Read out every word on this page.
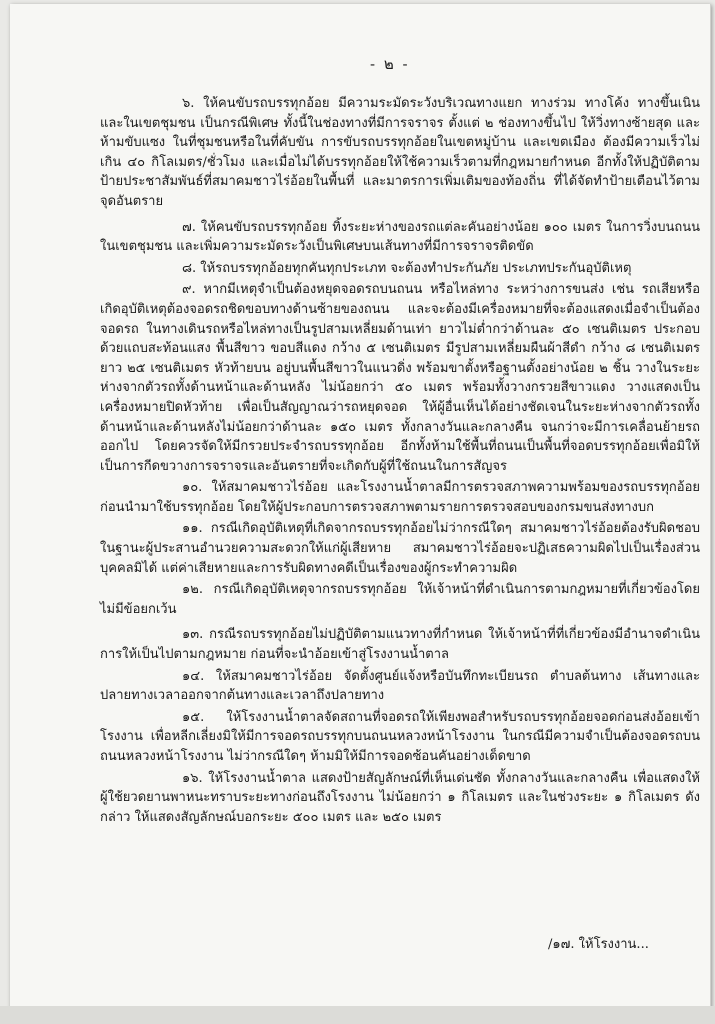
- ๒ -

๖. ให้คนขับรถบรรทุกอ้อย มีความระมัดระวังบริเวณทางแยก ทางร่วม ทางโค้ง ทางขึ้นเนิน และในเขตชุมชน เป็นกรณีพิเศษ ทั้งนี้ในช่องทางที่มีการจราจร ตั้งแต่ ๒ ช่องทางขึ้นไป ให้วิ่งทางซ้ายสุด และห้ามขับแซง ในที่ชุมชนหรือในที่คับขัน การขับรถบรรทุกอ้อยในเขตหมู่บ้าน และเขตเมือง ต้องมีความเร็วไม่เกิน ๔๐ กิโลเมตร/ชั่วโมง และเมื่อไม่ได้บรรทุกอ้อยให้ใช้ความเร็วตามที่กฎหมายกำหนด อีกทั้งให้ปฏิบัติตามป้ายประชาสัมพันธ์ที่สมาคมชาวไร่อ้อยในพื้นที่ และมาตรการเพิ่มเติมของท้องถิ่น ที่ได้จัดทำป้ายเตือนไว้ตามจุดอันตราย

๗. ให้คนขับรถบรรทุกอ้อย ทิ้งระยะห่างของรถแต่ละคันอย่างน้อย ๑๐๐ เมตร ในการวิ่งบนถนนในเขตชุมชน และเพิ่มความระมัดระวังเป็นพิเศษบนเส้นทางที่มีการจราจรติดขัด

๘. ให้รถบรรทุกอ้อยทุกคันทุกประเภท จะต้องทำประกันภัย ประเภทประกันอุบัติเหตุ

๙. หากมีเหตุจำเป็นต้องหยุดจอดรถบนถนน หรือไหล่ทาง ระหว่างการขนส่ง เช่น รถเสียหรือเกิดอุบัติเหตุต้องจอดรถชิดขอบทางด้านซ้ายของถนน และจะต้องมีเครื่องหมายที่จะต้องแสดงเมื่อจำเป็นต้องจอดรถ ในทางเดินรถหรือไหล่ทางเป็นรูปสามเหลี่ยมด้านเท่า ยาวไม่ต่ำกว่าด้านละ ๕๐ เซนติเมตร ประกอบด้วยแถบสะท้อนแสง พื้นสีขาว ขอบสีแดง กว้าง ๕ เซนติเมตร มีรูปสามเหลี่ยมผืนผ้าสีดำ กว้าง ๘ เซนติเมตร ยาว ๒๕ เซนติเมตร หัวท้ายบน อยู่บนพื้นสีขาวในแนวดิ่ง พร้อมขาตั้งหรือฐานตั้งอย่างน้อย ๒ ชิ้น วางในระยะ ห่างจากตัวรถทั้งด้านหน้าและด้านหลัง ไม่น้อยกว่า ๕๐ เมตร พร้อมทั้งวางกรวยสีขาวแดง วางแสดงเป็นเครื่องหมายปิดหัวท้าย เพื่อเป็นสัญญาณว่ารถหยุดจอด ให้ผู้อื่นเห็นได้อย่างชัดเจนในระยะห่างจากตัวรถทั้งด้านหน้าและด้านหลังไม่น้อยกว่าด้านละ ๑๕๐ เมตร ทั้งกลางวันและกลางคืน จนกว่าจะมีการเคลื่อนย้ายรถออกไป โดยควรจัดให้มีกรวยประจำรถบรรทุกอ้อย อีกทั้งห้ามใช้พื้นที่ถนนเป็นพื้นที่จอดบรรทุกอ้อยเพื่อมิให้เป็นการกีดขวางการจราจรและอันตรายที่จะเกิดกับผู้ที่ใช้ถนนในการสัญจร

๑๐. ให้สมาคมชาวไร่อ้อย และโรงงานน้ำตาลมีการตรวจสภาพความพร้อมของรถบรรทุกอ้อยก่อนนำมาใช้บรรทุกอ้อย โดยให้ผู้ประกอบการตรวจสภาพตามรายการตรวจสอบของกรมขนส่งทางบก

๑๑. กรณีเกิดอุบัติเหตุที่เกิดจากรถบรรทุกอ้อยไม่ว่ากรณีใดๆ สมาคมชาวไร่อ้อยต้องรับผิดชอบในฐานะผู้ประสานอำนวยความสะดวกให้แก่ผู้เสียหาย สมาคมชาวไร่อ้อยจะปฏิเสธความผิดไปเป็นเรื่องส่วนบุคคลมิได้ แต่ค่าเสียหายและการรับผิดทางคดีเป็นเรื่องของผู้กระทำความผิด

๑๒. กรณีเกิดอุบัติเหตุจากรถบรรทุกอ้อย ให้เจ้าหน้าที่ดำเนินการตามกฎหมายที่เกี่ยวข้องโดยไม่มีข้อยกเว้น

๑๓. กรณีรถบรรทุกอ้อยไม่ปฏิบัติตามแนวทางที่กำหนด ให้เจ้าหน้าที่ที่เกี่ยวข้องมีอำนาจดำเนินการให้เป็นไปตามกฎหมาย ก่อนที่จะนำอ้อยเข้าสู่โรงงานน้ำตาล

๑๔. ให้สมาคมชาวไร่อ้อย จัดตั้งศูนย์แจ้งหรือบันทึกทะเบียนรถ ตำบลต้นทาง เส้นทางและปลายทางเวลาออกจากต้นทางและเวลาถึงปลายทาง

๑๕. ให้โรงงานน้ำตาลจัดสถานที่จอดรถให้เพียงพอสำหรับรถบรรทุกอ้อยจอดก่อนส่งอ้อยเข้าโรงงาน เพื่อหลีกเลี่ยงมิให้มีการจอดรถบรรทุกบนถนนหลวงหน้าโรงงาน ในกรณีมีความจำเป็นต้องจอดรถบนถนนหลวงหน้าโรงงาน ไม่ว่ากรณีใดๆ ห้ามมิให้มีการจอดซ้อนคันอย่างเด็ดขาด

๑๖. ให้โรงงานน้ำตาล แสดงป้ายสัญลักษณ์ที่เห็นเด่นชัด ทั้งกลางวันและกลางคืน เพื่อแสดงให้ผู้ใช้ยวดยานพาหนะทราบระยะทางก่อนถึงโรงงาน ไม่น้อยกว่า ๑ กิโลเมตร และในช่วงระยะ ๑ กิโลเมตร ดังกล่าว ให้แสดงสัญลักษณ์บอกระยะ ๕๐๐ เมตร และ ๒๕๐ เมตร

/๑๗. ให้โรงงาน...
